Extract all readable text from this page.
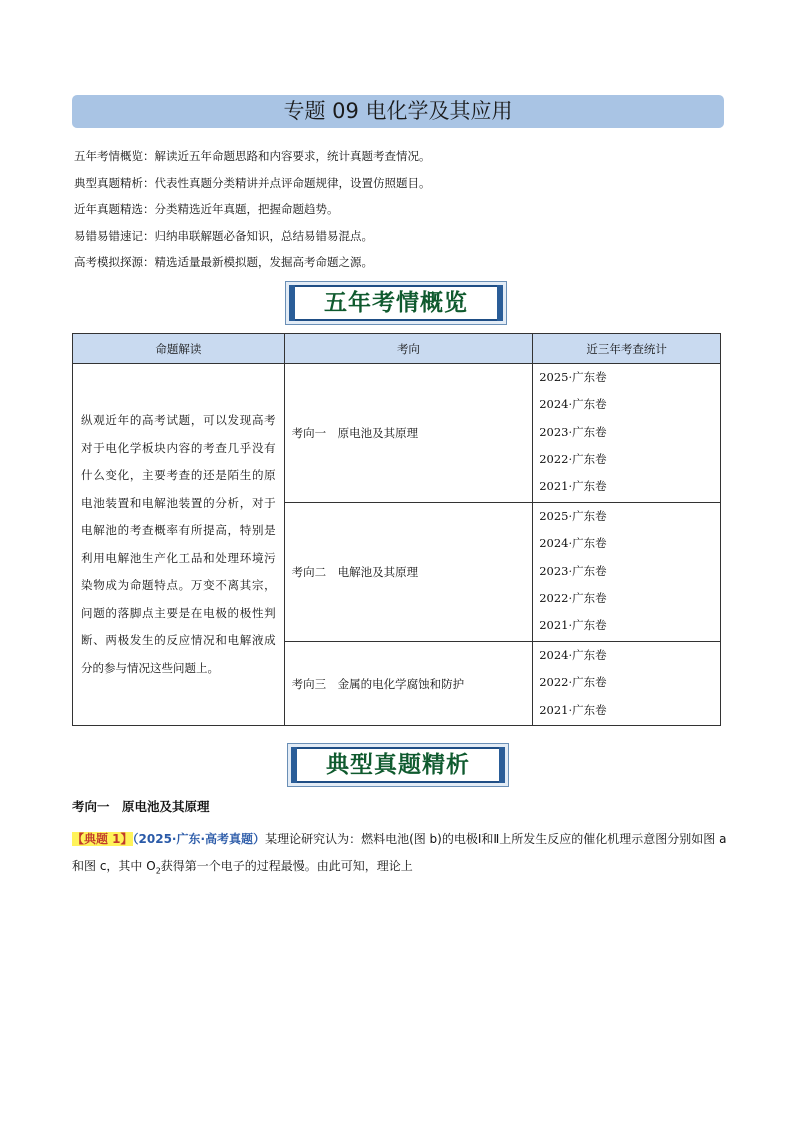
专题 09 电化学及其应用
五年考情概览：解读近五年命题思路和内容要求，统计真题考查情况。
典型真题精析：代表性真题分类精讲并点评命题规律，设置仿照题目。
近年真题精选：分类精选近年真题，把握命题趋势。
易错易错速记：归纳串联解题必备知识，总结易错易混点。
高考模拟探源：精选适量最新模拟题，发掘高考命题之源。
五年考情概览
命题解读	考向	近三年考查统计
纵观近年的高考试题，可以发现高考对于电化学板块内容的考查几乎没有什么变化，主要考查的还是陌生的原电池装置和电解池装置的分析，对于电解池的考查概率有所提高，特别是利用电解池生产化工品和处理环境污染物成为命题特点。万变不离其宗，问题的落脚点主要是在电极的极性判断、两极发生的反应情况和电解液成分的参与情况这些问题上。	考向一　原电池及其原理	2025·广东卷
2024·广东卷
2023·广东卷
2022·广东卷
2021·广东卷

	考向二　电解池及其原理	2025·广东卷
2024·广东卷
2023·广东卷
2022·广东卷
2021·广东卷

	考向三　金属的电化学腐蚀和防护	2024·广东卷
2022·广东卷
2021·广东卷
典型真题精析
考向一　原电池及其原理
【典题 1】（2025·广东·高考真题）某理论研究认为：燃料电池(图 b)的电极Ⅰ和Ⅱ上所发生反应的催化机理示意图分别如图 a 和图 c，其中 $O_2$获得第一个电子的过程最慢。由此可知，理论上
